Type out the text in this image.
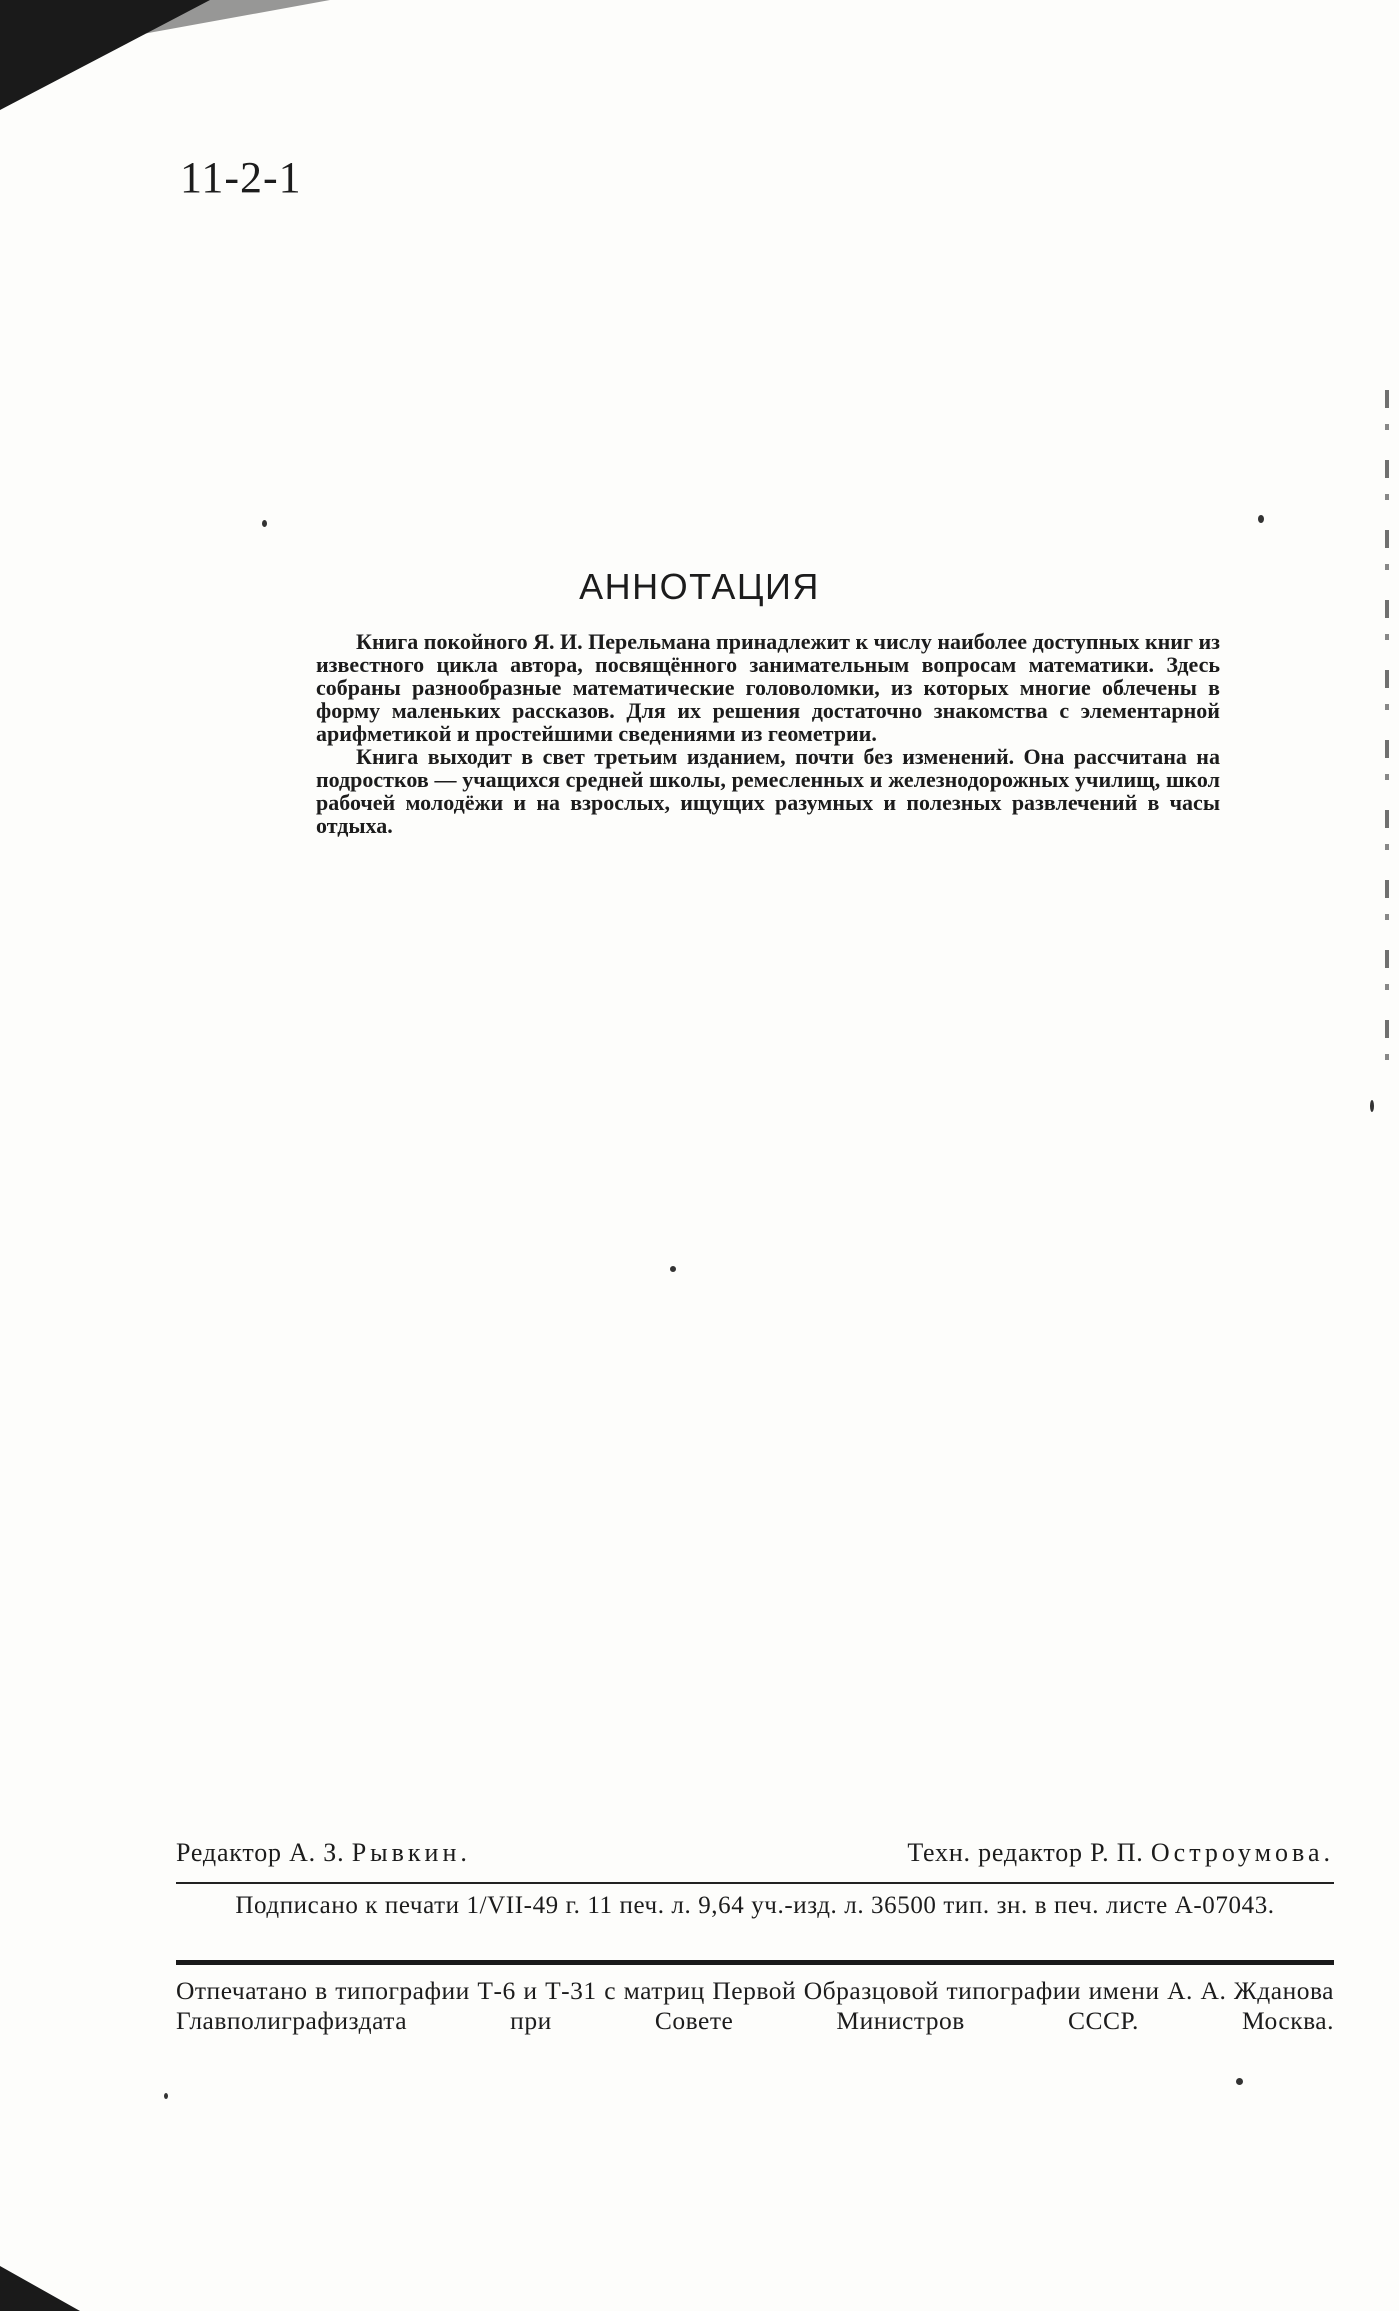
11-2-1
АННОТАЦИЯ

Книга покойного Я. И. Перельмана принадлежит к числу наиболее доступных книг из известного цикла автора, посвящённого занимательным вопросам математики. Здесь собраны разнообразные математические головоломки, из которых многие облечены в форму маленьких рассказов. Для их решения достаточно знакомства с элементарной арифметикой и простейшими сведениями из геометрии.

Книга выходит в свет третьим изданием, почти без изменений. Она рассчитана на подростков — учащихся средней школы, ремесленных и железнодорожных училищ, школ рабочей молодёжи и на взрослых, ищущих разумных и полезных развлечений в часы отдыха.

Редактор А. З. Рывкин.	Техн. редактор Р. П. Остроумова.
Подписано к печати 1/VII-49 г. 11 печ. л. 9,64 уч.-изд. л. 36500 тип. зн. в печ. листе А-07043.
Отпечатано в типографии Т-6 и Т-31 с матриц Первой Образцовой типографии имени А. А. Жданова Главполиграфиздата при Совете Министров СССР. Москва.
